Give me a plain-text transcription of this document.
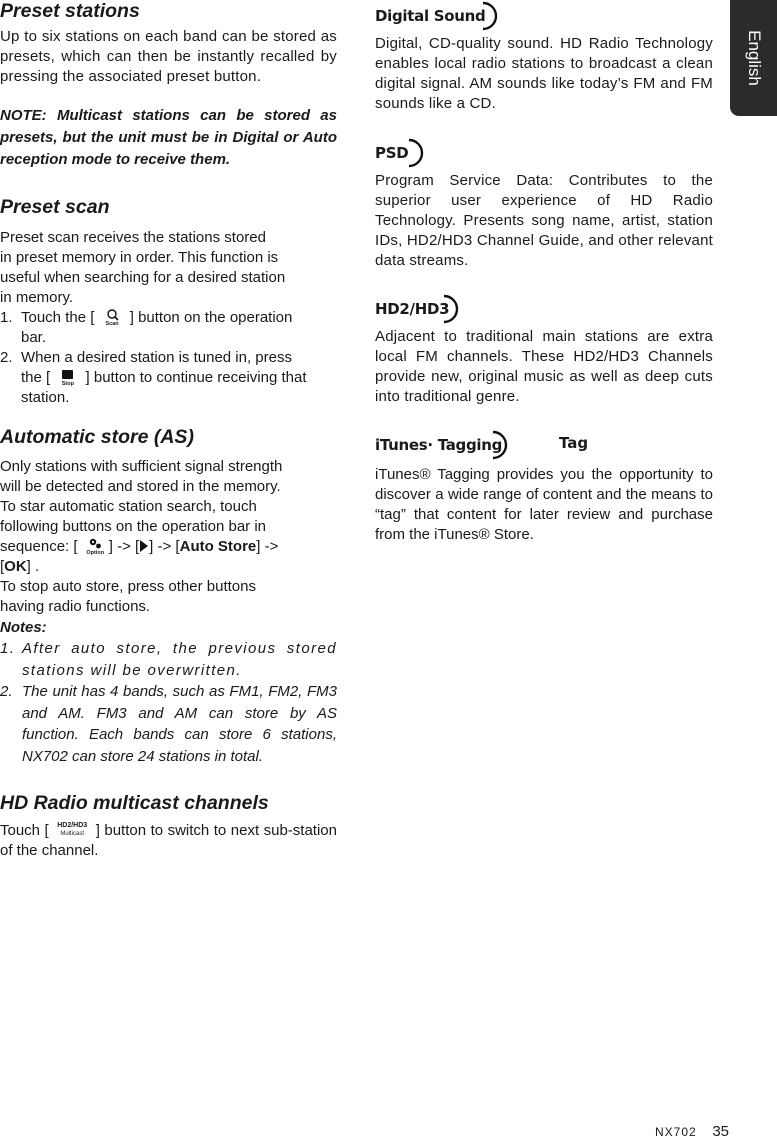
Preset stations

Up to six stations on each band can be stored as presets, which can then be instantly recalled by pressing the associated preset button.

NOTE: Multicast stations can be stored as presets, but the unit must be in Digital or Auto reception mode to receive them.

Preset scan

Preset scan receives the stations stored

in preset memory in order. This function is

useful when searching for a desired station

in memory.

1. Touch the [	Scan ] button on the operation
bar.
2. When a desired station is tuned in, press
the [	Stop ] button to continue receiving that
station.
Automatic store (AS)

Only stations with sufficient signal strength

will be detected and stored in the memory.

To star automatic station search, touch

following buttons on the operation bar in

sequence: [	Option ] -> [ ] -> [Auto Store] ->

[OK] .

To stop auto store, press other buttons

having radio functions.

Notes:

1. After auto store, the previous stored stations will be overwritten.
2. The unit has 4 bands, such as FM1, FM2, FM3 and AM. FM3 and AM can store by AS function. Each bands can store 6 stations, NX702 can store 24 stations in total.
HD Radio multicast channels

Touch [	HD2/HD3
Multicast ] button to switch to next sub-station of the channel.

Digital Sound

Digital, CD-quality sound. HD Radio Technology enables local radio stations to broadcast a clean digital signal. AM sounds like today’s FM and FM sounds like a CD.

PSD

Program Service Data: Contributes to the superior user experience of HD Radio Technology. Presents song name, artist, station IDs, HD2/HD3 Channel Guide, and other relevant data streams.

HD2/HD3

Adjacent to traditional main stations are extra local FM channels. These HD2/HD3 Channels provide new, original music as well as deep cuts into traditional genre.

iTunes· Tagging	Tag

iTunes® Tagging provides you the opportunity to discover a wide range of content and the means to “tag” that content for later review and purchase from the iTunes® Store.

English
NX702 35
